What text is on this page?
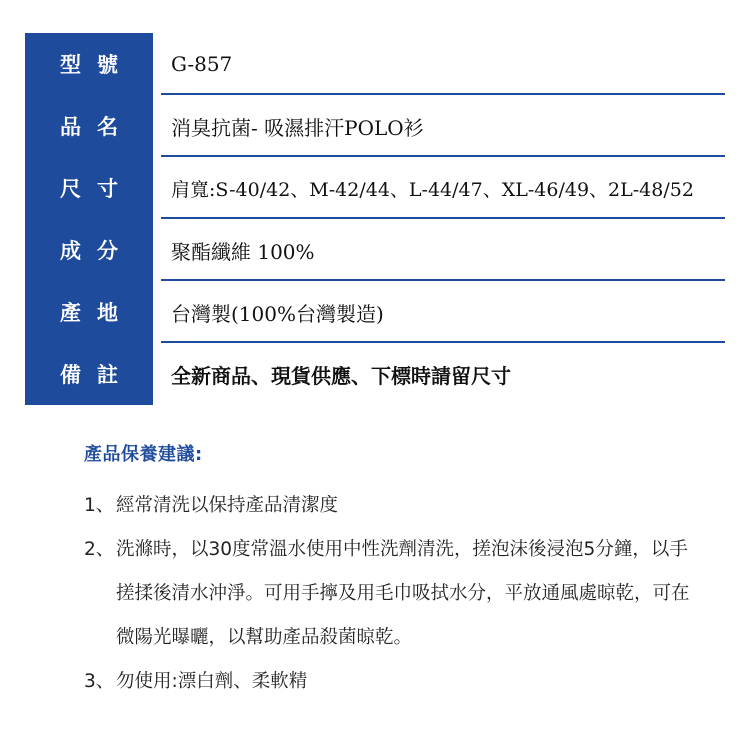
型號	G-857
品名	消臭抗菌- 吸濕排汗POLO衫
尺寸	肩寬:S-40/42、M-42/44、L-44/47、XL-46/49、2L-48/52
成分	聚酯纖維 100%
產地	台灣製(100%台灣製造)
備註	全新商品、現貨供應、下標時請留尺寸
產品保養建議:
1、經常清洗以保持產品清潔度
2、洗滌時，以30度常溫水使用中性洗劑清洗，搓泡沫後浸泡5分鐘，以手
搓揉後清水沖淨。可用手擰及用毛巾吸拭水分，平放通風處晾乾，可在
微陽光曝曬，以幫助產品殺菌晾乾。
3、勿使用:漂白劑、柔軟精
